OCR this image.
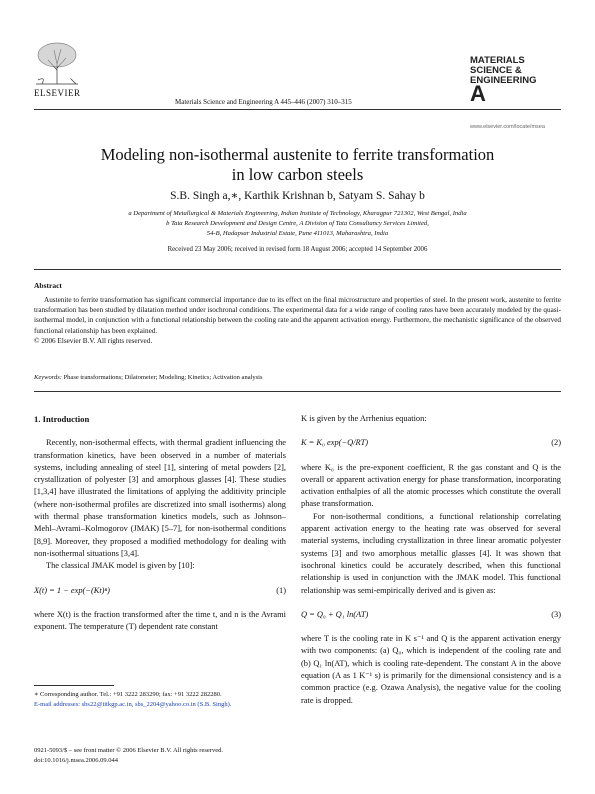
ELSEVIER
Materials Science and Engineering A 445–446 (2007) 310–315
MATERIALS
SCIENCE &
ENGINEERING
A
www.elsevier.com/locate/msea
Modeling non-isothermal austenite to ferrite transformation
in low carbon steels
S.B. Singh a,∗, Karthik Krishnan b, Satyam S. Sahay b
a Department of Metallurgical & Materials Engineering, Indian Institute of Technology, Kharagpur 721302, West Bengal, India
b Tata Research Development and Design Centre, A Division of Tata Consultancy Services Limited,
54-B, Hadapsar Industrial Estate, Pune 411013, Maharashtra, India
Received 23 May 2006; received in revised form 18 August 2006; accepted 14 September 2006
Abstract

Austenite to ferrite transformation has significant commercial importance due to its effect on the final microstructure and properties of steel. In the present work, austenite to ferrite transformation has been studied by dilatation method under isochronal conditions. The experimental data for a wide range of cooling rates have been accurately modeled by the quasi-isothermal model, in conjunction with a functional relationship between the cooling rate and the apparent activation energy. Furthermore, the mechanistic significance of the observed functional relationship has been explained.

© 2006 Elsevier B.V. All rights reserved.
Keywords: Phase transformations; Dilatometer; Modeling; Kinetics; Activation analysis
1. Introduction

Recently, non-isothermal effects, with thermal gradient influencing the transformation kinetics, have been observed in a number of materials systems, including annealing of steel [1], sintering of metal powders [2], crystallization of polyester [3] and amorphous glasses [4]. These studies [1,3,4] have illustrated the limitations of applying the additivity principle (where non-isothermal profiles are discretized into small isotherms) along with thermal phase transformation kinetics models, such as Johnson–Mehl–Avrami–Kolmogorov (JMAK) [5–7], for non-isothermal conditions [8,9]. Moreover, they proposed a modified methodology for dealing with non-isothermal situations [3,4].

The classical JMAK model is given by [10]:

X(t) = 1 − exp(−(Kt)ⁿ)	(1)

where X(t) is the fraction transformed after the time t, and n is the Avrami exponent. The temperature (T) dependent rate constant

K is given by the Arrhenius equation:

K = K₀ exp(−Q/RT)	(2)

where K₀ is the pre-exponent coefficient, R the gas constant and Q is the overall or apparent activation energy for phase transformation, incorporating activation enthalpies of all the atomic processes which constitute the overall phase transformation.

For non-isothermal conditions, a functional relationship correlating apparent activation energy to the heating rate was observed for several material systems, including crystallization in three linear aromatic polyester systems [3] and two amorphous metallic glasses [4]. It was shown that isochronal kinetics could be accurately described, when this functional relationship is used in conjunction with the JMAK model. This functional relationship was semi-empirically derived and is given as:

Q = Q₀ + Q₁ ln(AT)	(3)

where T is the cooling rate in K s⁻¹ and Q is the apparent activation energy with two components: (a) Q₀, which is independent of the cooling rate and (b) Q₁ ln(AT), which is cooling rate-dependent. The constant A in the above equation (A as 1 K⁻¹ s) is primarily for the dimensional consistency and is a common practice (e.g. Ozawa Analysis), the negative value for the cooling rate is dropped.

∗ Corresponding author. Tel.: +91 3222 283290; fax: +91 3222 282280.
E-mail addresses: sbs22@iitkgp.ac.in, sbs_2204@yahoo.co.in (S.B. Singh).
0921-5093/$ – see front matter © 2006 Elsevier B.V. All rights reserved.
doi:10.1016/j.msea.2006.09.044
